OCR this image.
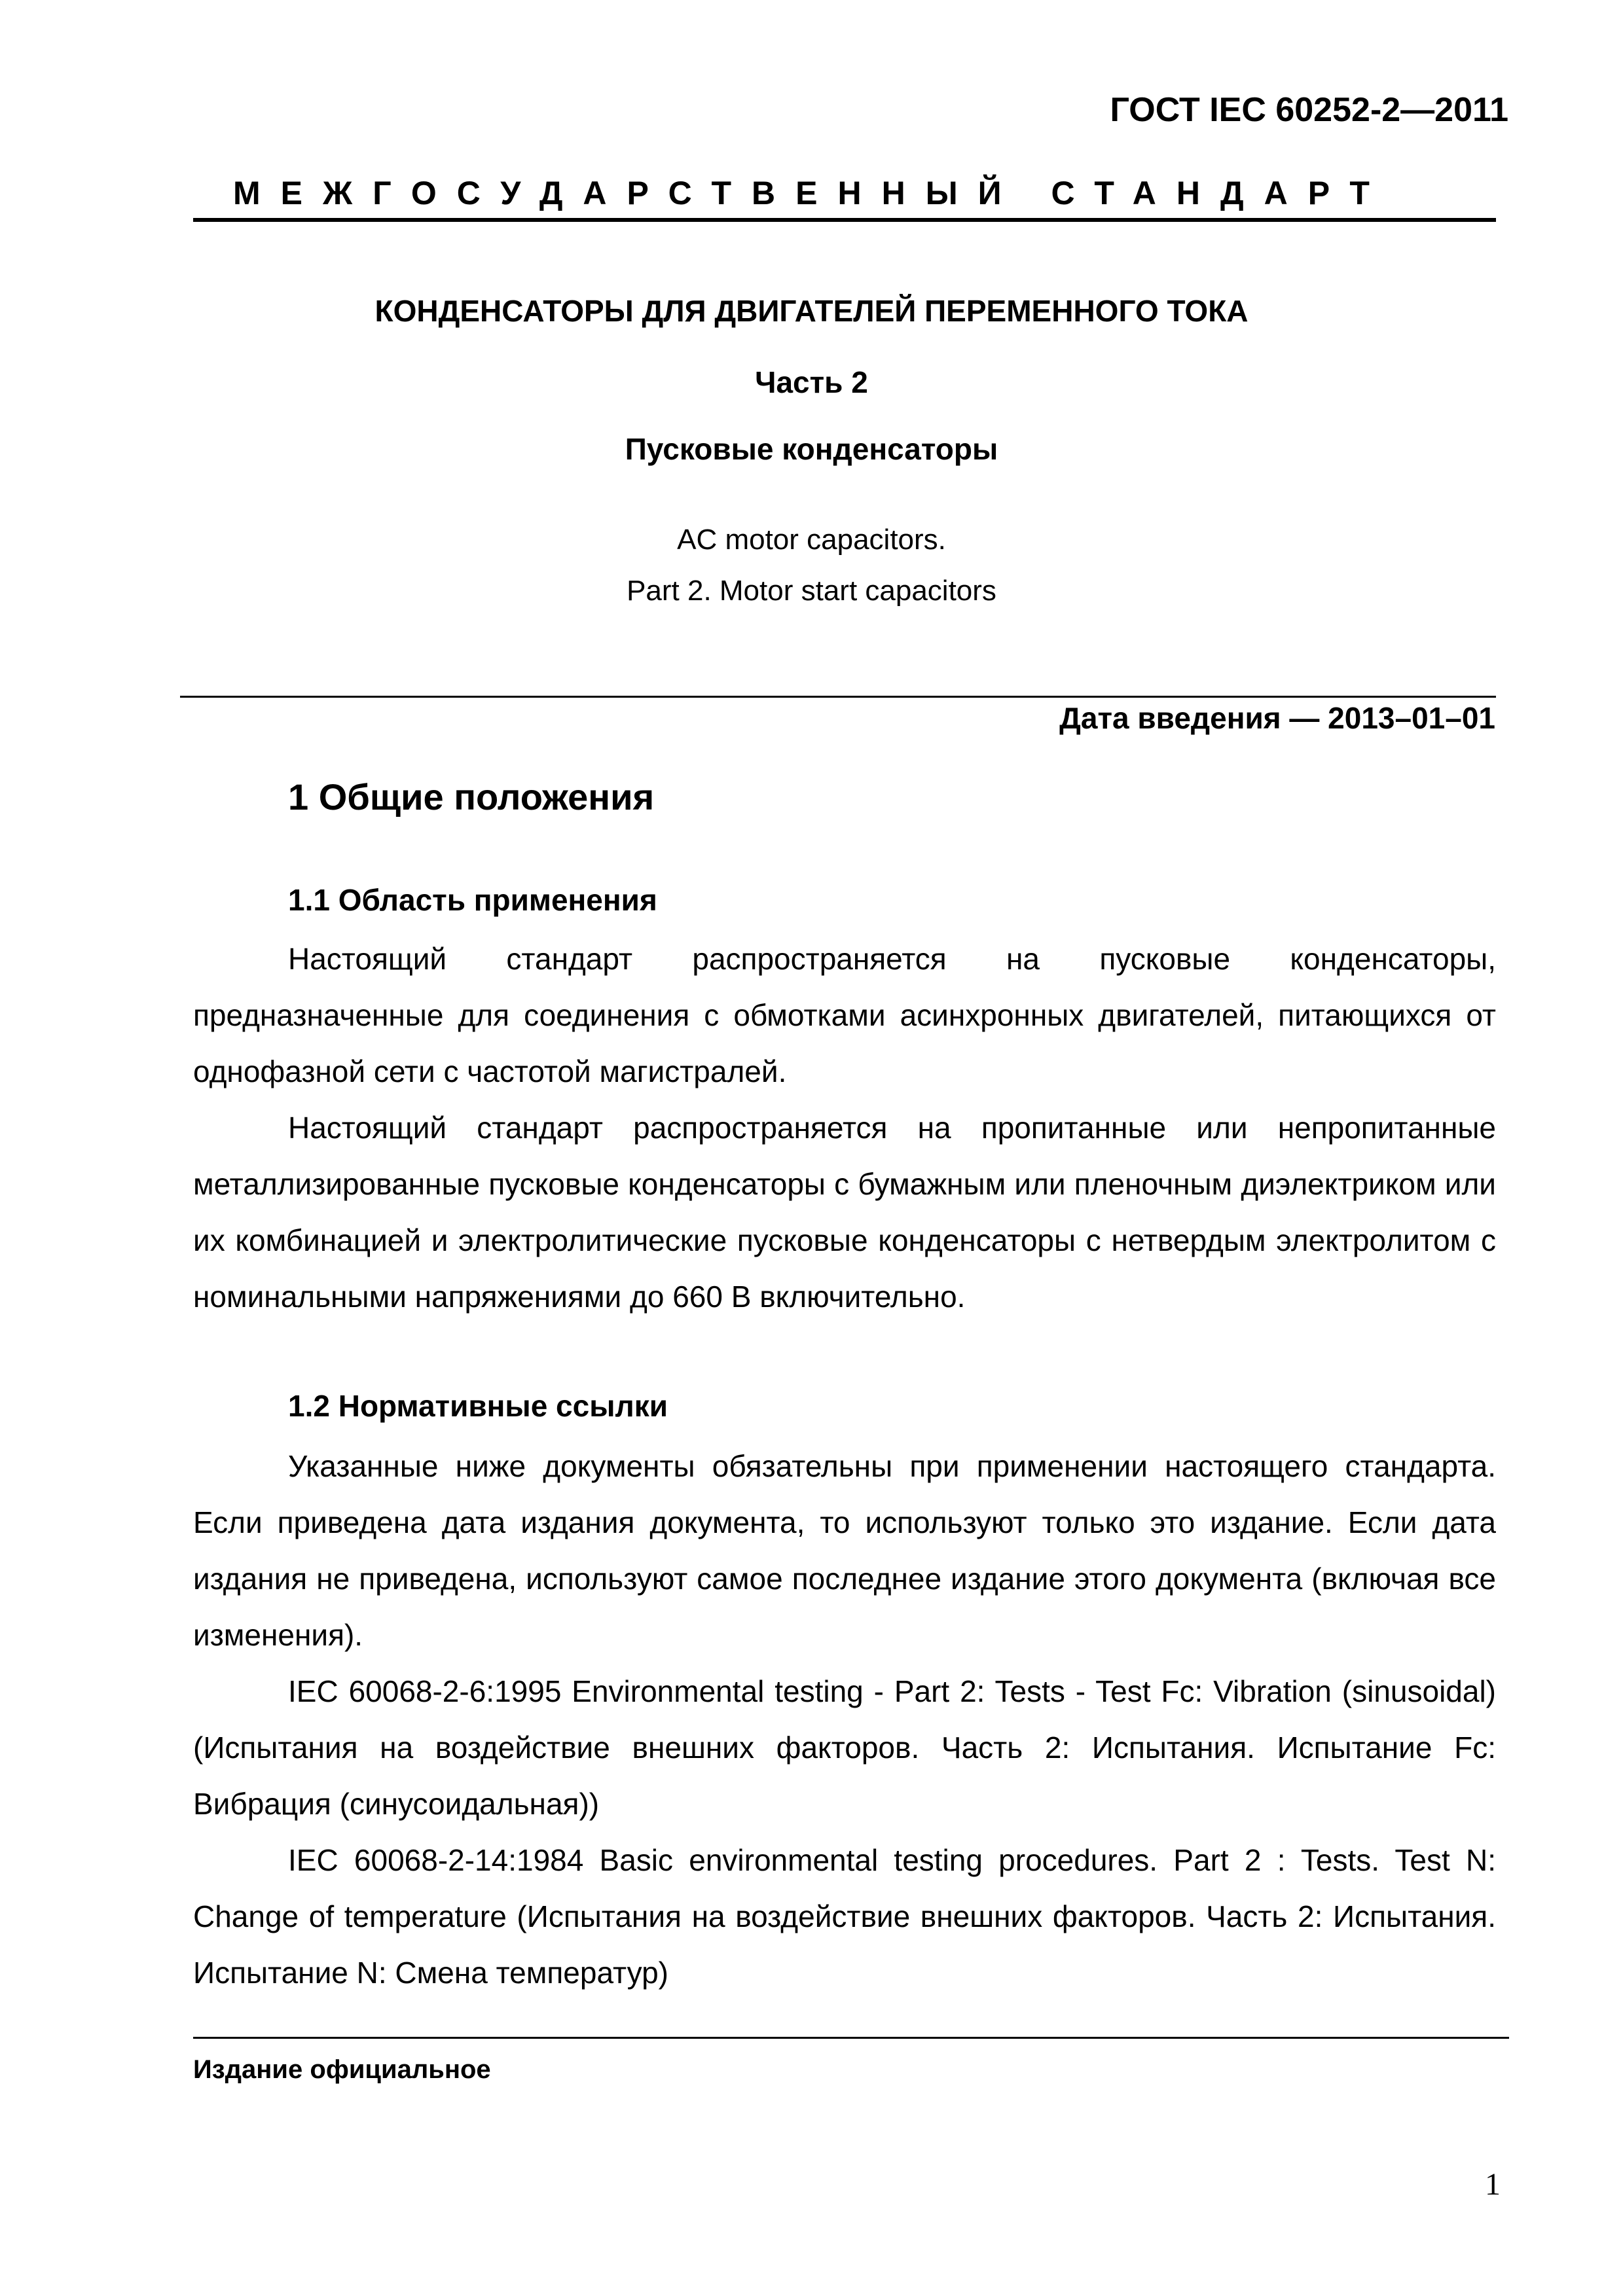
ГОСТ IEC 60252-2—2011
МЕЖГОСУДАРСТВЕННЫЙ СТАНДАРТ
КОНДЕНСАТОРЫ ДЛЯ ДВИГАТЕЛЕЙ ПЕРЕМЕННОГО ТОКА
Часть 2
Пусковые конденсаторы
AC motor capacitors.
Part 2. Motor start capacitors
Дата введения — 2013–01–01
1 Общие положения
1.1 Область применения

Настоящий стандарт распространяется на пусковые конденсаторы, предназначенные для соединения с обмотками асинхронных двигателей, питающихся от однофазной сети с частотой магистралей.

Настоящий стандарт распространяется на пропитанные или непропитанные металлизированные пусковые конденсаторы с бумажным или пленочным диэлектриком или их комбинацией и электролитические пусковые конденсаторы с нетвердым электролитом с номинальными напряжениями до 660 В включительно.

1.2 Нормативные ссылки

Указанные ниже документы обязательны при применении настоящего стандарта. Если приведена дата издания документа, то используют только это издание. Если дата издания не приведена, используют самое последнее издание этого документа (включая все изменения).

IEC 60068-2-6:1995 Environmental testing - Part 2: Tests - Test Fc: Vibration (sinusoidal) (Испытания на воздействие внешних факторов. Часть 2: Испытания. Испытание Fc: Вибрация (синусоидальная))

IEC 60068-2-14:1984 Basic environmental testing procedures. Part 2 : Tests. Test N: Change of temperature (Испытания на воздействие внешних факторов. Часть 2: Испытания. Испытание N: Смена температур)

Издание официальное
1
